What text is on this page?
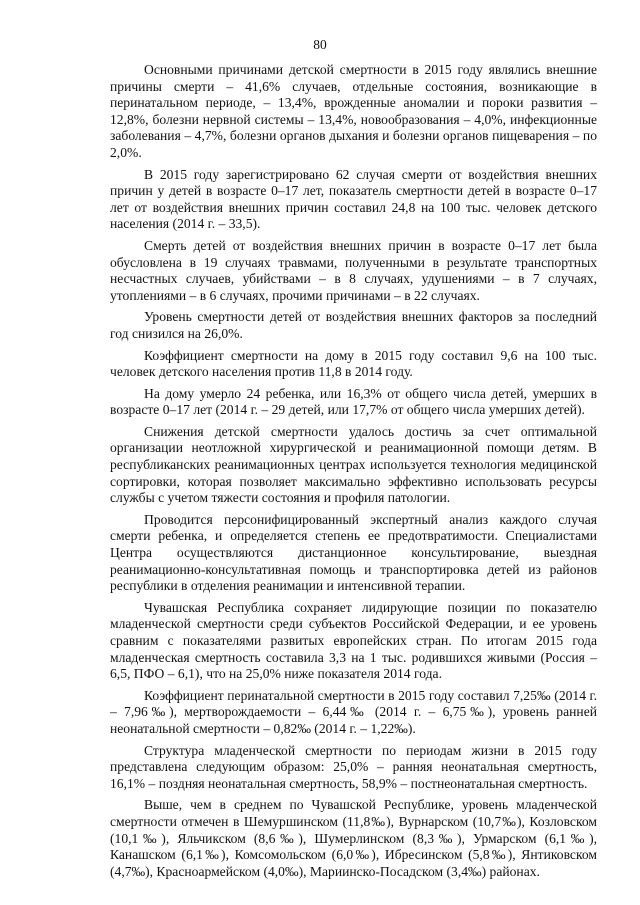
80

Основными причинами детской смертности в 2015 году являлись внешние причины смерти – 41,6% случаев, отдельные состояния, возникающие в перинатальном периоде, – 13,4%, врожденные аномалии и пороки развития – 12,8%, болезни нервной системы – 13,4%, новообразования – 4,0%, инфекционные заболевания – 4,7%, болезни органов дыхания и болезни органов пищеварения – по 2,0%.

В 2015 году зарегистрировано 62 случая смерти от воздействия внешних причин у детей в возрасте 0–17 лет, показатель смертности детей в возрасте 0–17 лет от воздействия внешних причин составил 24,8 на 100 тыс. человек детского населения (2014 г. – 33,5).

Смерть детей от воздействия внешних причин в возрасте 0–17 лет была обусловлена в 19 случаях травмами, полученными в результате транспортных несчастных случаев, убийствами – в 8 случаях, удушениями – в 7 случаях, утоплениями – в 6 случаях, прочими причинами – в 22 случаях.

Уровень смертности детей от воздействия внешних факторов за последний год снизился на 26,0%.

Коэффициент смертности на дому в 2015 году составил 9,6 на 100 тыс. человек детского населения против 11,8 в 2014 году.

На дому умерло 24 ребенка, или 16,3% от общего числа детей, умерших в возрасте 0–17 лет (2014 г. – 29 детей, или 17,7% от общего числа умерших детей).

Снижения детской смертности удалось достичь за счет оптимальной организации неотложной хирургической и реанимационной помощи детям. В республиканских реанимационных центрах используется технология медицинской сортировки, которая позволяет максимально эффективно использовать ресурсы службы с учетом тяжести состояния и профиля патологии.

Проводится персонифицированный экспертный анализ каждого случая смерти ребенка, и определяется степень ее предотвратимости. Специалистами Центра осуществляются дистанционное консультирование, выездная реанимационно-консультативная помощь и транспортировка детей из районов республики в отделения реанимации и интенсивной терапии.

Чувашская Республика сохраняет лидирующие позиции по показателю младенческой смертности среди субъектов Российской Федерации, и ее уровень сравним с показателями развитых европейских стран. По итогам 2015 года младенческая смертность составила 3,3 на 1 тыс. родившихся живыми (Россия – 6,5, ПФО – 6,1), что на 25,0% ниже показателя 2014 года.

Коэффициент перинатальной смертности в 2015 году составил 7,25‰ (2014 г. – 7,96‰), мертворождаемости – 6,44‰ (2014 г. – 6,75‰), уровень ранней неонатальной смертности – 0,82‰ (2014 г. – 1,22‰).

Структура младенческой смертности по периодам жизни в 2015 году представлена следующим образом: 25,0% – ранняя неонатальная смертность, 16,1% – поздняя неонатальная смертность, 58,9% – постнеонатальная смертность.

Выше, чем в среднем по Чувашской Республике, уровень младенческой смертности отмечен в Шемуршинском (11,8‰), Вурнарском (10,7‰), Козловском (10,1‰), Яльчикском (8,6‰), Шумерлинском (8,3‰), Урмарском (6,1‰), Канашском (6,1‰), Комсомольском (6,0‰), Ибресинском (5,8‰), Янтиковском (4,7‰), Красноармейском (4,0‰), Мариинско-Посадском (3,4‰) районах.
